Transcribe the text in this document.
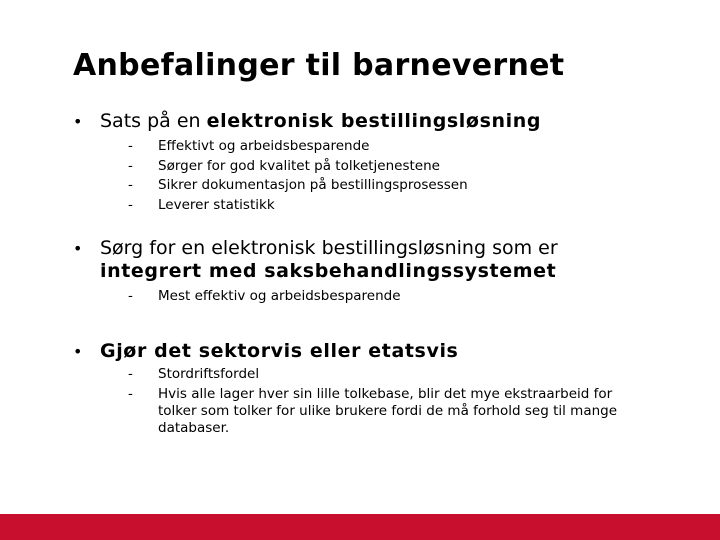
Anbefalinger til barnevernet
• Sats på en elektronisk bestillingsløsning
- Effektivt og arbeidsbesparende
- Sørger for god kvalitet på tolketjenestene
- Sikrer dokumentasjon på bestillingsprosessen
- Leverer statistikk
• Sørg for en elektronisk bestillingsløsning som er
integrert med saksbehandlingssystemet
- Mest effektiv og arbeidsbesparende
• Gjør det sektorvis eller etatsvis
- Stordriftsfordel
- Hvis alle lager hver sin lille tolkebase, blir det mye ekstraarbeid for
tolker som tolker for ulike brukere fordi de må forhold seg til mange
databaser.
